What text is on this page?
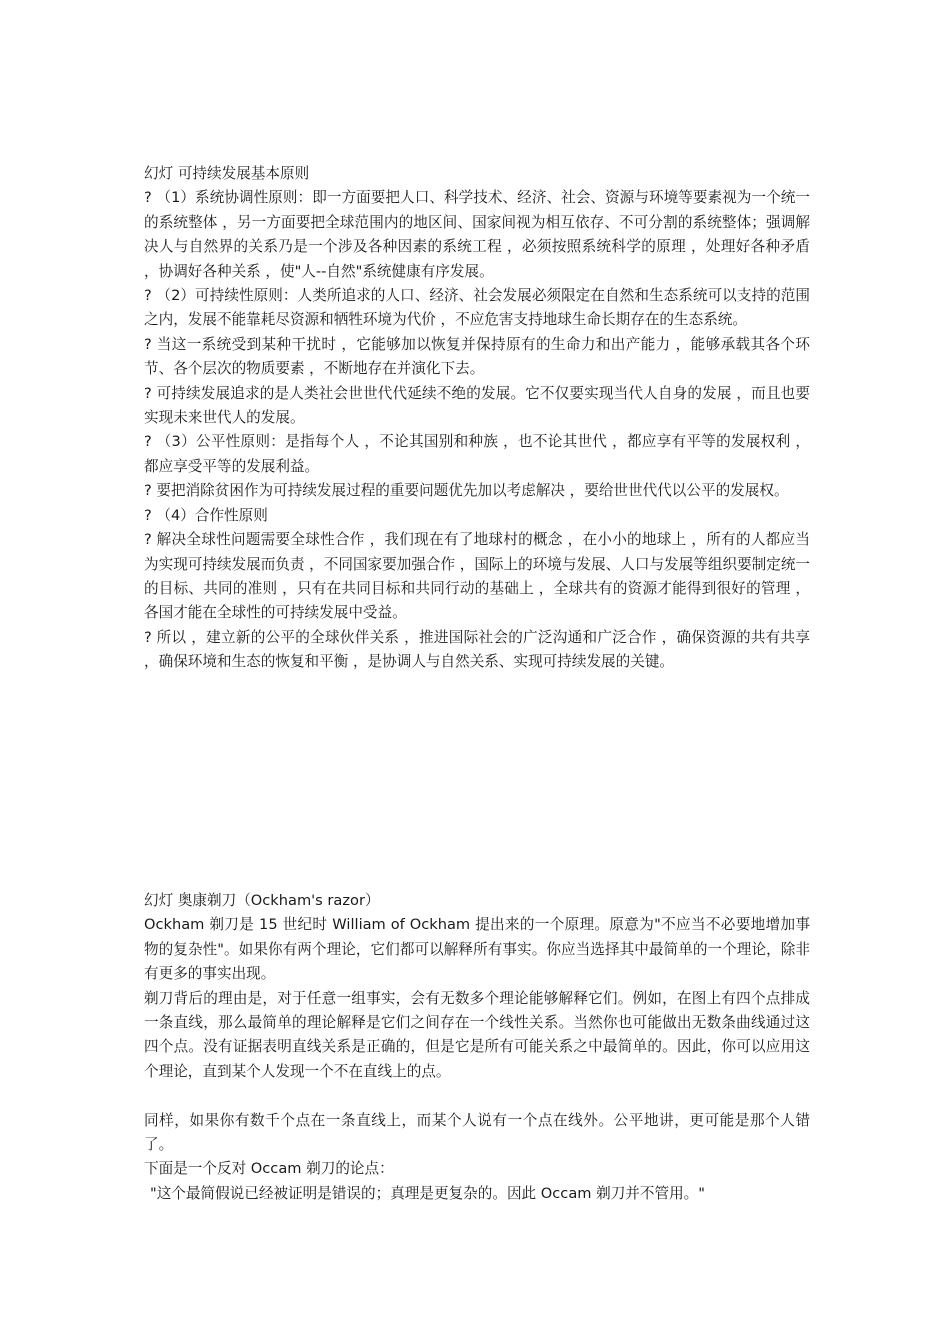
幻灯 可持续发展基本原则

? （1）系统协调性原则：即一方面要把人口、科学技术、经济、社会、资源与环境等要素视为一个统一的系统整体 ，另一方面要把全球范围内的地区间、国家间视为相互依存、不可分割的系统整体；强调解决人与自然界的关系乃是一个涉及各种因素的系统工程 ，必须按照系统科学的原理 ，处理好各种矛盾 ，协调好各种关系 ，使"人--自然"系统健康有序发展。

? （2）可持续性原则：人类所追求的人口、经济、社会发展必须限定在自然和生态系统可以支持的范围之内，发展不能靠耗尽资源和牺牲环境为代价 ，不应危害支持地球生命长期存在的生态系统。

? 当这一系统受到某种干扰时 ，它能够加以恢复并保持原有的生命力和出产能力 ，能够承载其各个环节、各个层次的物质要素 ，不断地存在并演化下去。

? 可持续发展追求的是人类社会世世代代延续不绝的发展。它不仅要实现当代人自身的发展 ，而且也要实现未来世代人的发展。

? （3）公平性原则：是指每个人 ，不论其国别和种族 ，也不论其世代 ，都应享有平等的发展权利 ，都应享受平等的发展利益。

? 要把消除贫困作为可持续发展过程的重要问题优先加以考虑解决 ，要给世世代代以公平的发展权。

? （4）合作性原则

? 解决全球性问题需要全球性合作 ，我们现在有了地球村的概念 ，在小小的地球上 ，所有的人都应当为实现可持续发展而负责 ，不同国家要加强合作 ，国际上的环境与发展、人口与发展等组织要制定统一的目标、共同的准则 ，只有在共同目标和共同行动的基础上 ，全球共有的资源才能得到很好的管理 ，各国才能在全球性的可持续发展中受益。

? 所以 ，建立新的公平的全球伙伴关系 ，推进国际社会的广泛沟通和广泛合作 ，确保资源的共有共享 ，确保环境和生态的恢复和平衡 ，是协调人与自然关系、实现可持续发展的关键。

幻灯 奥康剃刀（Ockham's razor）

Ockham 剃刀是 15 世纪时 William of Ockham 提出来的一个原理。原意为"不应当不必要地增加事物的复杂性"。如果你有两个理论，它们都可以解释所有事实。你应当选择其中最简单的一个理论，除非有更多的事实出现。

剃刀背后的理由是，对于任意一组事实，会有无数多个理论能够解释它们。例如，在图上有四个点排成一条直线，那么最简单的理论解释是它们之间存在一个线性关系。当然你也可能做出无数条曲线通过这四个点。没有证据表明直线关系是正确的，但是它是所有可能关系之中最简单的。因此，你可以应用这个理论，直到某个人发现一个不在直线上的点。

同样，如果你有数千个点在一条直线上，而某个人说有一个点在线外。公平地讲，更可能是那个人错了。

下面是一个反对 Occam 剃刀的论点：

"这个最简假说已经被证明是错误的；真理是更复杂的。因此 Occam 剃刀并不管用。"
